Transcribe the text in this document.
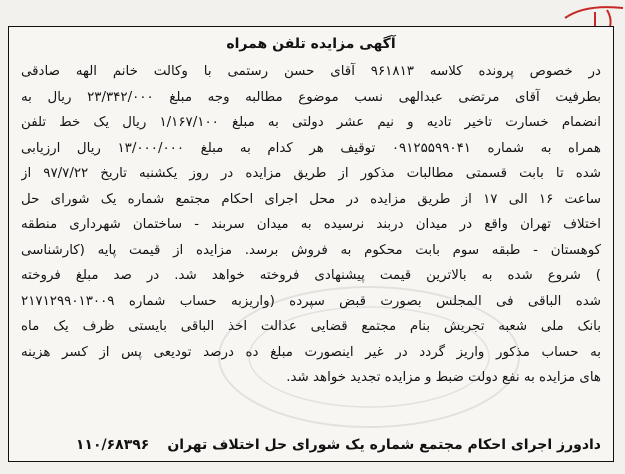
آگهی مزایده تلفن همراه
در خصوص پرونده کلاسه ۹۶۱۸۱۳ آقای حسن رستمی با وکالت خانم الهه صادقی
بطرفیت آقای مرتضی عبدالهی نسب موضوع مطالبه وجه مبلغ ۲۳/۳۴۲/۰۰۰ ریال به
انضمام خسارت تاخیر تادیه و نیم عشر دولتی به مبلغ ۱/۱۶۷/۱۰۰ ریال یک خط تلفن
همراه به شماره ۰۹۱۲۵۵۹۹۰۴۱ توقیف هر کدام به مبلغ ۱۳/۰۰۰/۰۰۰ ریال ارزیابی
شده تا بابت قسمتی مطالبات مذکور از طریق مزایده در روز یکشنبه تاریخ ۹۷/۷/۲۲ از
ساعت ۱۶ الی ۱۷ از طریق مزایده در محل اجرای احکام مجتمع شماره یک شورای حل
اختلاف تهران واقع در میدان دربند نرسیده به میدان سربند - ساختمان شهرداری منطقه
کوهستان - طبقه سوم بابت محکوم به فروش برسد. مزایده از قیمت پایه (کارشناسی
) شروع شده به بالاترین قیمت پیشنهادی فروخته خواهد شد. در صد مبلغ فروخته
شده الباقی فی المجلس بصورت قبض سپرده (واریزبه حساب شماره ۲۱۷۱۲۹۹۰۱۳۰۰۹
بانک ملی شعبه تجریش بنام مجتمع قضایی عدالت اخذ الباقی بایستی ظرف یک ماه
به حساب مذکور واریز گردد در غیر اینصورت مبلغ ده درصد تودیعی پس از کسر هزینه
های مزایده به نفع دولت ضبط و مزایده تجدید خواهد شد.
دادورز اجرای احکام مجتمع شماره یک شورای حل اختلاف تهران
۱۱۰/۶۸۳۹۶
